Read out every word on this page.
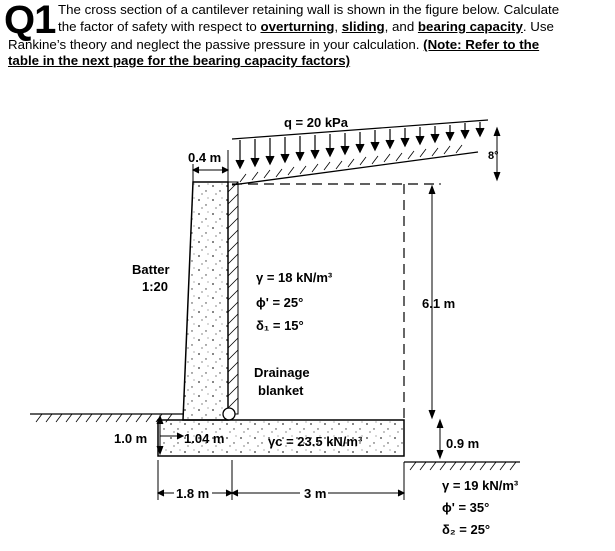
Q1 The cross section of a cantilever retaining wall is shown in the figure below. Calculate
the factor of safety with respect to overturning, sliding, and bearing capacity. Use
Rankine’s theory and neglect the passive pressure in your calculation. (Note: Refer to the
table in the next page for the bearing capacity factors)
q = 20 kPa
8°
0.4 m
Batter
1:20
γ = 18 kN/m³
ϕ' = 25°
δ₁ = 15°
6.1 m
Drainage
blanket
1.0 m	1.04 m	γc = 23.5 kN/m³	0.9 m
1.8 m	3 m
γ = 19 kN/m³
ϕ' = 35°
δ₂ = 25°
